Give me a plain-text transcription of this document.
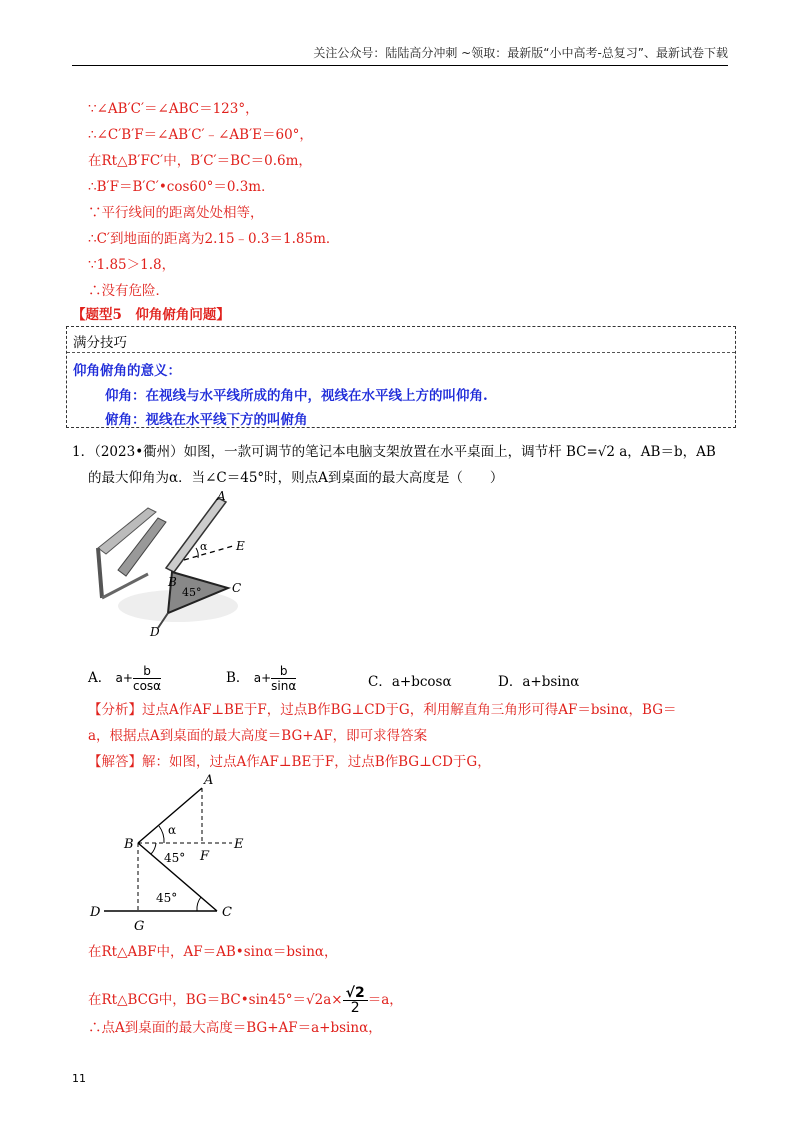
关注公众号：陆陆高分冲刺 ~领取：最新版“小中高考-总复习”、最新试卷下载
∵∠AB′C′＝∠ABC＝123°，
∴∠C′B′F＝∠AB′C′﹣∠AB′E＝60°，
在Rt△B′FC′中，B′C′＝BC＝0.6m，
∴B′F＝B′C′•cos60°＝0.3m．
∵平行线间的距离处处相等，
∴C′到地面的距离为2.15﹣0.3＝1.85m．
∵1.85＞1.8，
∴没有危险．
【题型5　仰角俯角问题】
满分技巧
仰角俯角的意义：
仰角：在视线与水平线所成的角中，视线在水平线上方的叫仰角.
俯角：视线在水平线下方的叫俯角
1．（2023•衢州）如图，一款可调节的笔记本电脑支架放置在水平桌面上，调节杆 BC=√2 a，AB＝b，AB
的最大仰角为α．当∠C＝45°时，则点A到桌面的最大高度是（　　）
A
E
α
B
45°	C
D
A． $a+ \frac{b}{\cos\alpha}$	B． $a+ \frac{b}{\sin\alpha}$	C．a+bcosα	D．a+bsinα
【分析】过点A作AF⊥BE于F，过点B作BG⊥CD于G，利用解直角三角形可得AF＝bsinα，BG＝
a，根据点A到桌面的最大高度＝BG+AF，即可求得答案
【解答】解：如图，过点A作AF⊥BE于F，过点B作BG⊥CD于G，
A
B	E
F
α
45°
45°
D
G
C
在Rt△ABF中，AF＝AB•sinα＝bsinα，
在Rt△BCG中，BG＝BC•sin45°＝√2a× $\frac{√2}{2} =a$，
∴点A到桌面的最大高度＝BG+AF＝a+bsinα，
11
